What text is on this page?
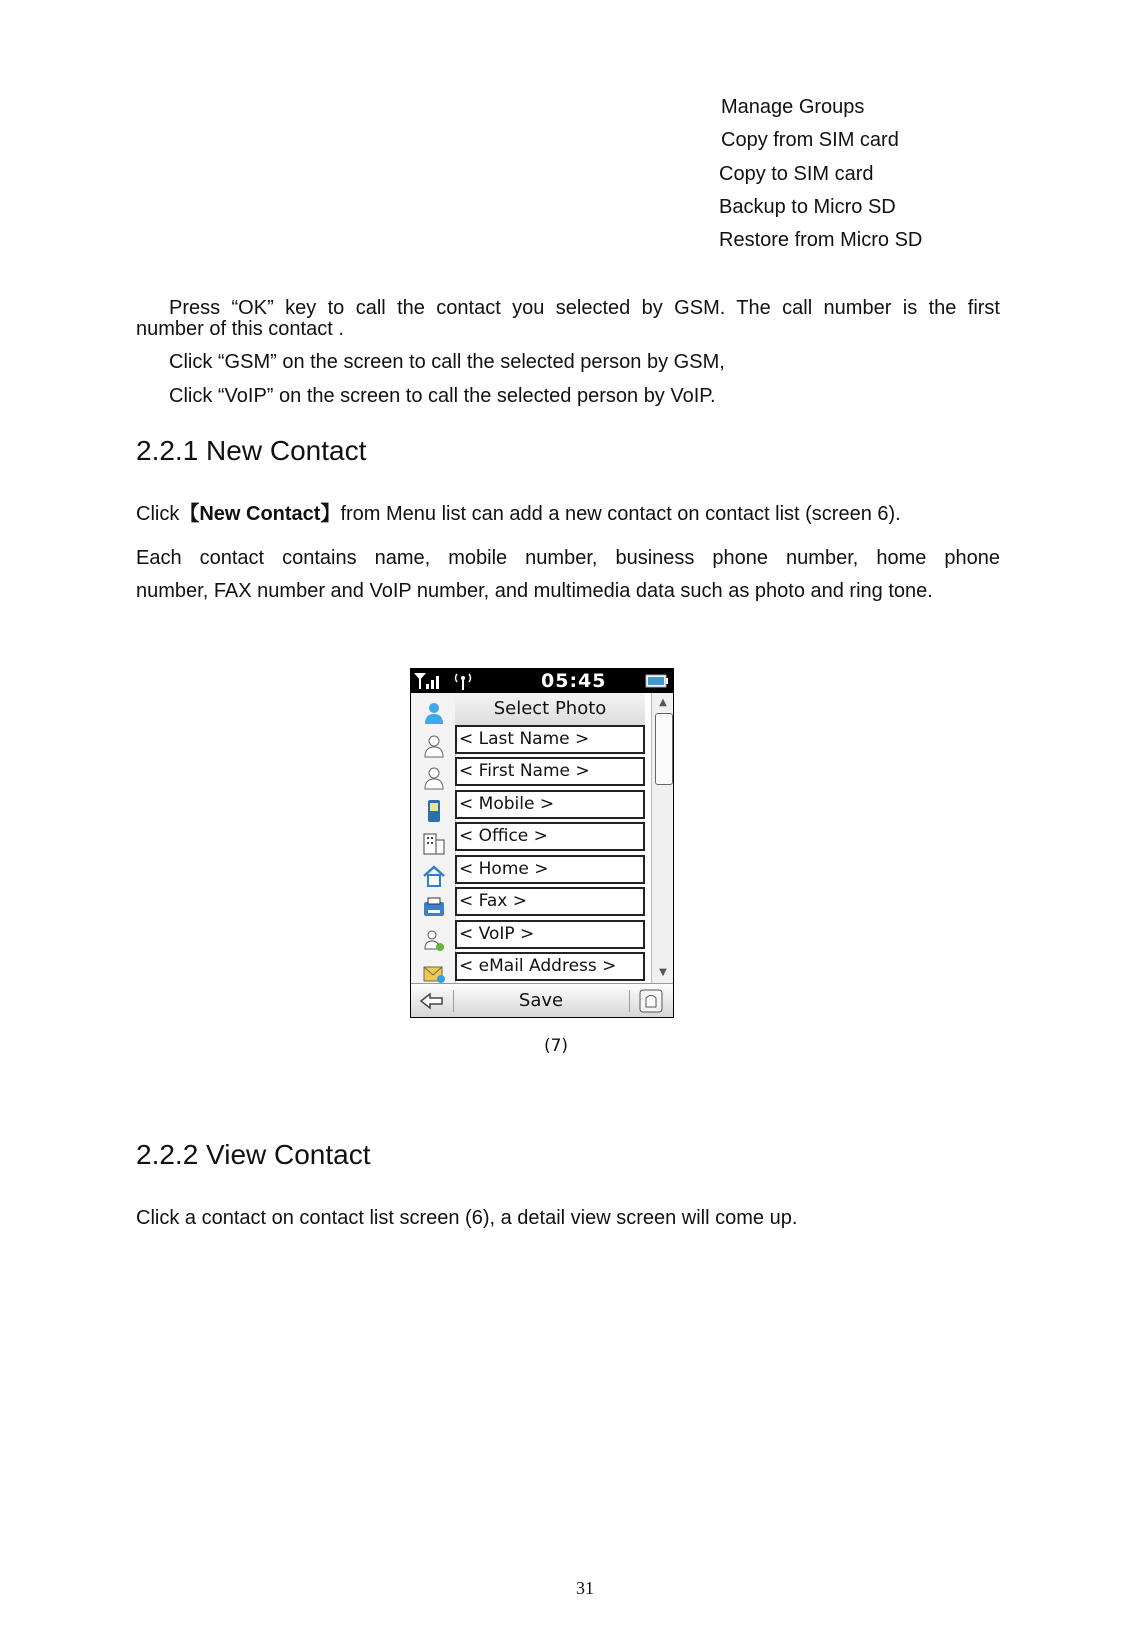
Manage Groups
Copy from SIM card
Copy to SIM card
Backup to Micro SD
Restore from Micro SD
Press “OK” key to call the contact you selected by GSM. The call number is the first
number of this contact .
Click “GSM” on the screen to call the selected person by GSM,
Click “VoIP” on the screen to call the selected person by VoIP.
2.2.1 New Contact
Click【New Contact】from Menu list can add a new contact on contact list (screen 6).
Each contact contains name, mobile number, business phone number, home phone
number, FAX number and VoIP number, and multimedia data such as photo and ring tone.
05:45
Select Photo
< Last Name >
< First Name >
< Mobile >
< Office >
< Home >
< Fax >
< VoIP >
< eMail Address >
▲
▼
Save
(7)
2.2.2 View Contact
Click a contact on contact list screen (6), a detail view screen will come up.
31
